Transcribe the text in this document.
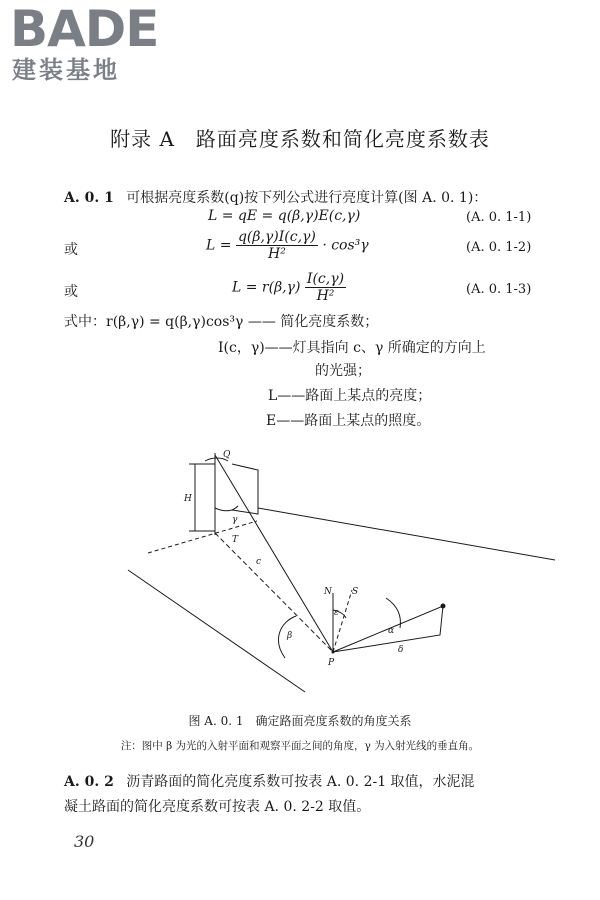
BADE
建装基地
附录 A　路面亮度系数和简化亮度系数表
A. 0. 1 可根据亮度系数(q)按下列公式进行亮度计算(图 A. 0. 1)：
L = qE = q(β,γ)E(c,γ)	(A. 0. 1-1)
或	$L = \frac{q(\beta,\gamma)I(c,\gamma)}{\text{H²}} \cdot \cos^3\gamma$	(A. 0. 1-2)
或	$L = r(\beta,\gamma) \frac{I(c,\gamma)}{\text{H²}}$	(A. 0. 1-3)
式中：r(β,γ) = q(β,γ)cos³γ —— 简化亮度系数；
I(c，γ)——灯具指向 c、γ 所确定的方向上
的光强；
L——路面上某点的亮度；
E——路面上某点的照度。
Q
H
γ
T
c
N S
ε
β
P
α
δ
图 A. 0. 1　确定路面亮度系数的角度关系
注：图中 β 为光的入射平面和观察平面之间的角度，γ 为入射光线的垂直角。
A. 0. 2 沥青路面的简化亮度系数可按表 A. 0. 2-1 取值，水泥混
凝土路面的简化亮度系数可按表 A. 0. 2-2 取值。
30
